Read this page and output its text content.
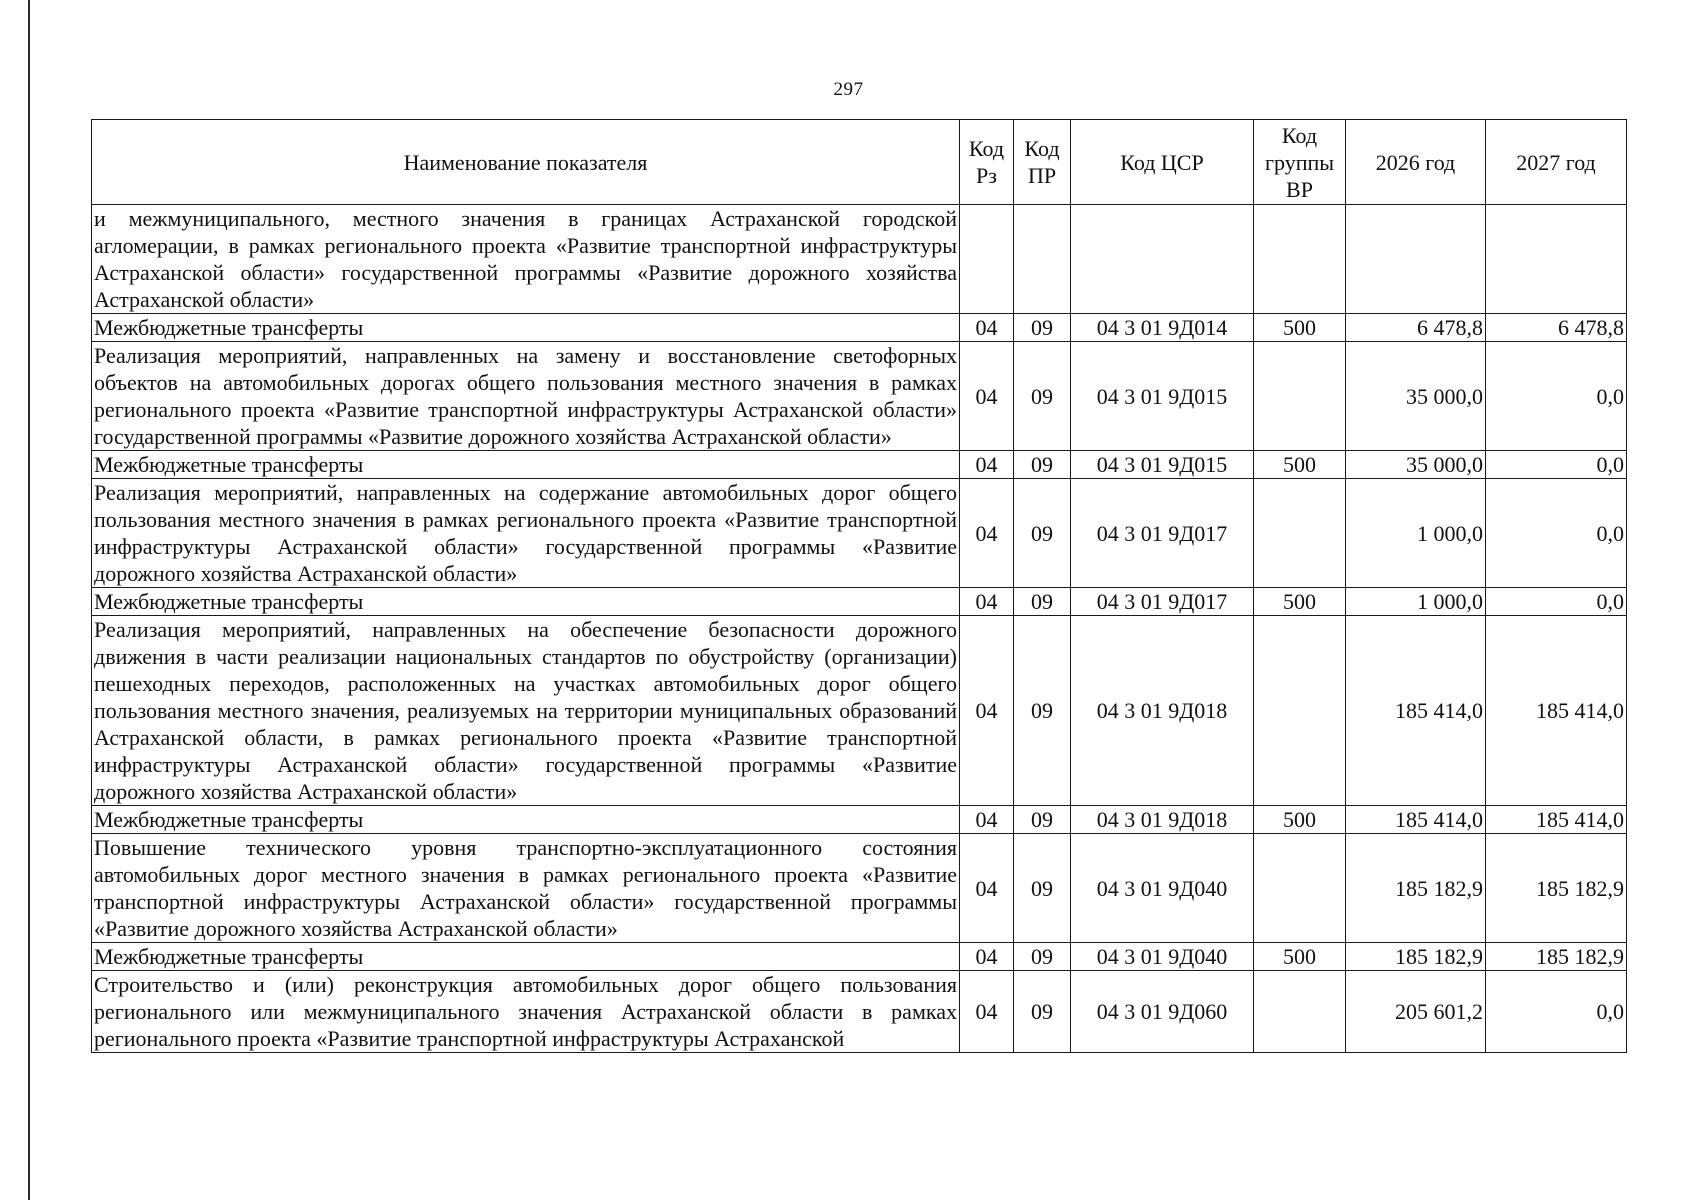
297
Наименование показателя	Код Рз	Код ПР	Код ЦСР	Код группы ВР	2026 год	2027 год
и межмуниципального, местного значения в границах Астраханской городской агломерации, в рамках регионального проекта «Развитие транспортной инфраструктуры Астраханской области» государственной программы «Развитие дорожного хозяйства Астраханской области»						
Межбюджетные трансферты	04	09	04 3 01 9Д014	500	6 478,8	6 478,8
Реализация мероприятий, направленных на замену и восстановление светофорных объектов на автомобильных дорогах общего пользования местного значения в рамках регионального проекта «Развитие транспортной инфраструктуры Астраханской области» государственной программы «Развитие дорожного хозяйства Астраханской области»	04	09	04 3 01 9Д015		35 000,0	0,0
Межбюджетные трансферты	04	09	04 3 01 9Д015	500	35 000,0	0,0
Реализация мероприятий, направленных на содержание автомобильных дорог общего пользования местного значения в рамках регионального проекта «Развитие транспортной инфраструктуры Астраханской области» государственной программы «Развитие дорожного хозяйства Астраханской области»	04	09	04 3 01 9Д017		1 000,0	0,0
Межбюджетные трансферты	04	09	04 3 01 9Д017	500	1 000,0	0,0
Реализация мероприятий, направленных на обеспечение безопасности дорожного движения в части реализации национальных стандартов по обустройству (организации) пешеходных переходов, расположенных на участках автомобильных дорог общего пользования местного значения, реализуемых на территории муниципальных образований Астраханской области, в рамках регионального проекта «Развитие транспортной инфраструктуры Астраханской области» государственной программы «Развитие дорожного хозяйства Астраханской области»	04	09	04 3 01 9Д018		185 414,0	185 414,0
Межбюджетные трансферты	04	09	04 3 01 9Д018	500	185 414,0	185 414,0
Повышение технического уровня транспортно-эксплуатационного состояния автомобильных дорог местного значения в рамках регионального проекта «Развитие транспортной инфраструктуры Астраханской области» государственной программы «Развитие дорожного хозяйства Астраханской области»	04	09	04 3 01 9Д040		185 182,9	185 182,9
Межбюджетные трансферты	04	09	04 3 01 9Д040	500	185 182,9	185 182,9
Строительство и (или) реконструкция автомобильных дорог общего пользования регионального или межмуниципального значения Астраханской области в рамках регионального проекта «Развитие транспортной инфраструктуры Астраханской	04	09	04 3 01 9Д060		205 601,2	0,0
